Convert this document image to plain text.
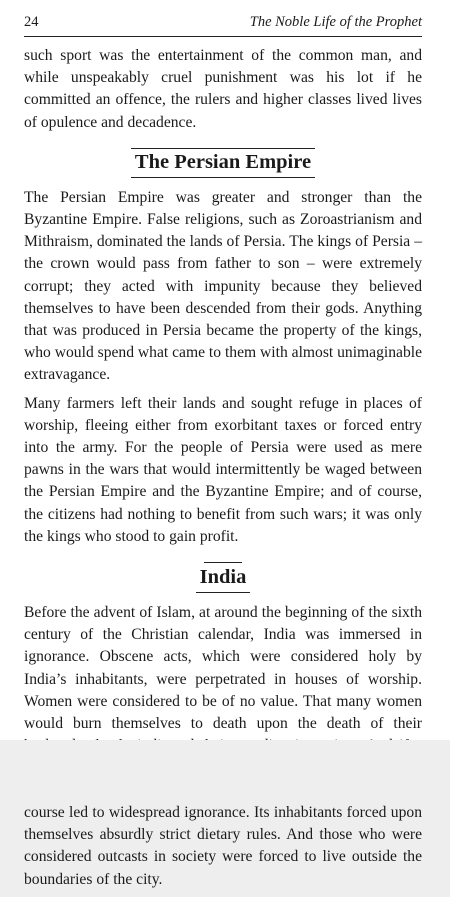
24	The Noble Life of the Prophet

such sport was the entertainment of the common man, and while unspeakably cruel punishment was his lot if he committed an offence, the rulers and higher classes lived lives of opulence and decadence.

The Persian Empire

The Persian Empire was greater and stronger than the Byzantine Empire. False religions, such as Zoroastrianism and Mithraism, dominated the lands of Persia. The kings of Persia – the crown would pass from father to son – were extremely corrupt; they acted with impunity because they believed themselves to have been descended from their gods. Anything that was produced in Persia became the property of the kings, who would spend what came to them with almost unimaginable extravagance.

Many farmers left their lands and sought refuge in places of worship, fleeing either from exorbitant taxes or forced entry into the army. For the people of Persia were used as mere pawns in the wars that would intermittently be waged between the Persian Empire and the Byzantine Empire; and of course, the citizens had nothing to benefit from such wars; it was only the kings who stood to gain profit.

India

Before the advent of Islam, at around the beginning of the sixth century of the Christian calendar, India was immersed in ignorance. Obscene acts, which were considered holy by India’s inhabitants, were perpetrated in houses of worship. Women were considered to be of no value. That many women would burn themselves to death upon the death of their course led to widespread ignorance. Its inhabitants forced upon themselves absurdly strict dietary rules. And those who were considered outcasts in society were forced to live outside the boundaries of the city.
